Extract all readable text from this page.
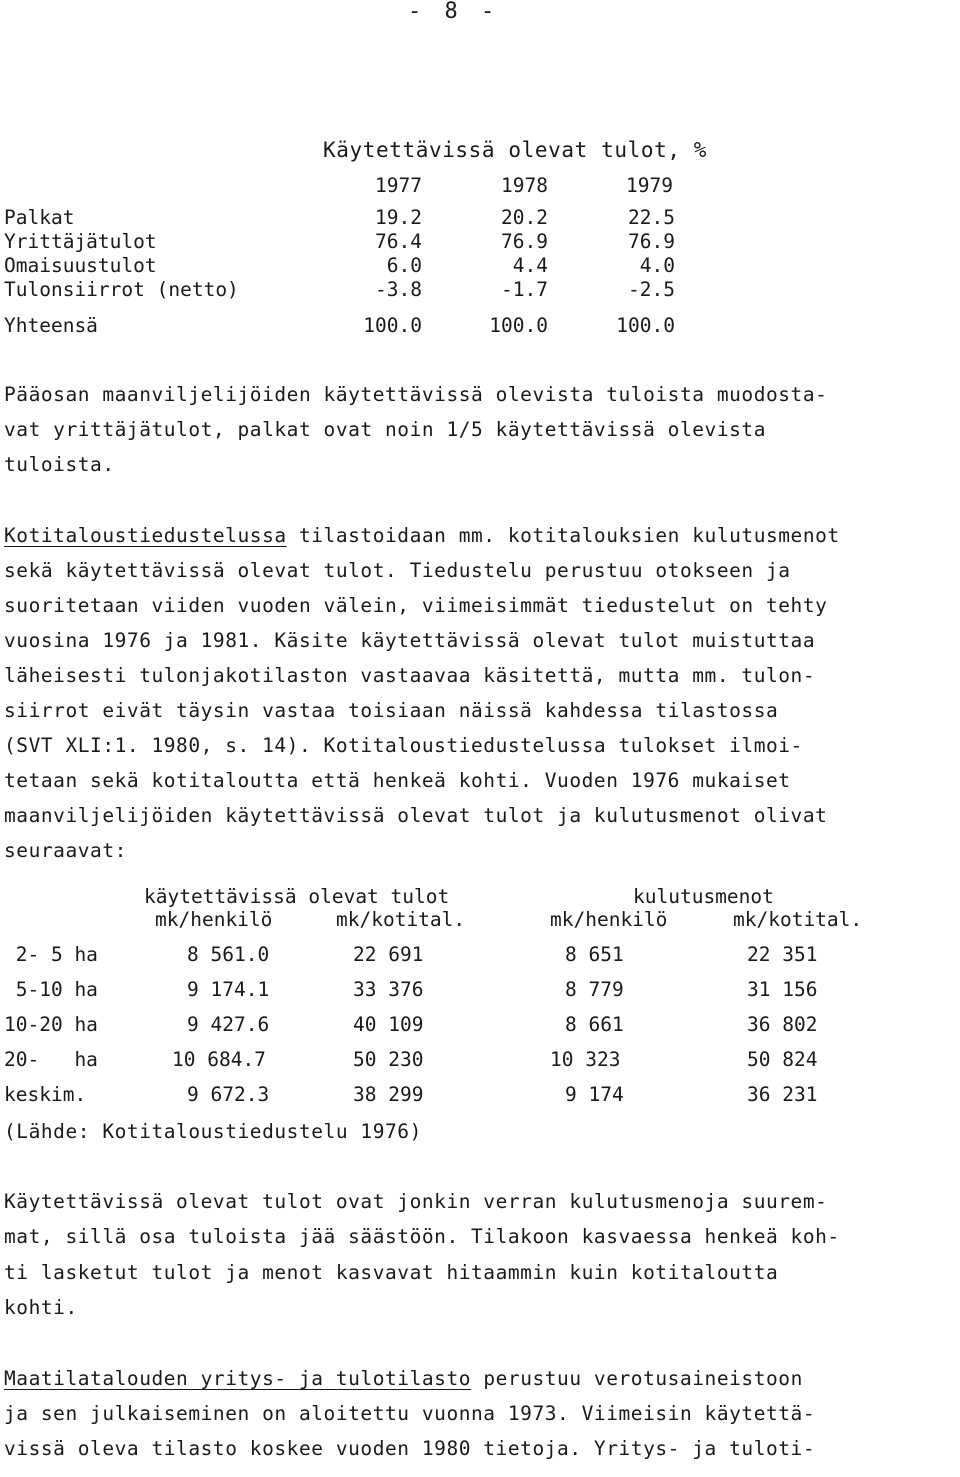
- 8 -
Käytettävissä olevat tulot, %
1977	1978	1979
Palkat	19.2	20.2	22.5
Yrittäjätulot	76.4	76.9	76.9
Omaisuustulot	6.0	4.4	4.0
Tulonsiirrot (netto)	-3.8	-1.7	-2.5
Yhteensä	100.0	100.0	100.0
Pääosan maanviljelijöiden käytettävissä olevista tuloista muodosta-
vat yrittäjätulot, palkat ovat noin 1/5 käytettävissä olevista
tuloista.
Kotitaloustiedustelussa tilastoidaan mm. kotitalouksien kulutusmenot
sekä käytettävissä olevat tulot. Tiedustelu perustuu otokseen ja
suoritetaan viiden vuoden välein, viimeisimmät tiedustelut on tehty
vuosina 1976 ja 1981. Käsite käytettävissä olevat tulot muistuttaa
läheisesti tulonjakotilaston vastaavaa käsitettä, mutta mm. tulon-
siirrot eivät täysin vastaa toisiaan näissä kahdessa tilastossa
(SVT XLI:1. 1980, s. 14). Kotitaloustiedustelussa tulokset ilmoi-
tetaan sekä kotitaloutta että henkeä kohti. Vuoden 1976 mukaiset
maanviljelijöiden käytettävissä olevat tulot ja kulutusmenot olivat
seuraavat:
käytettävissä olevat tulot	kulutusmenot
mk/henkilö	mk/kotital.	mk/henkilö	mk/kotital.
2- 5 ha	8 561.0	22 691	8 651	22 351
5-10 ha	9 174.1	33 376	8 779	31 156
10-20 ha	9 427.6	40 109	8 661	36 802
20-   ha	10 684.7	50 230	10 323	50 824
keskim.	9 672.3	38 299	9 174	36 231
(Lähde: Kotitaloustiedustelu 1976)
Käytettävissä olevat tulot ovat jonkin verran kulutusmenoja suurem-
mat, sillä osa tuloista jää säästöön. Tilakoon kasvaessa henkeä koh-
ti lasketut tulot ja menot kasvavat hitaammin kuin kotitaloutta
kohti.
Maatilatalouden yritys- ja tulotilasto perustuu verotusaineistoon
ja sen julkaiseminen on aloitettu vuonna 1973. Viimeisin käytettä-
vissä oleva tilasto koskee vuoden 1980 tietoja. Yritys- ja tuloti-
